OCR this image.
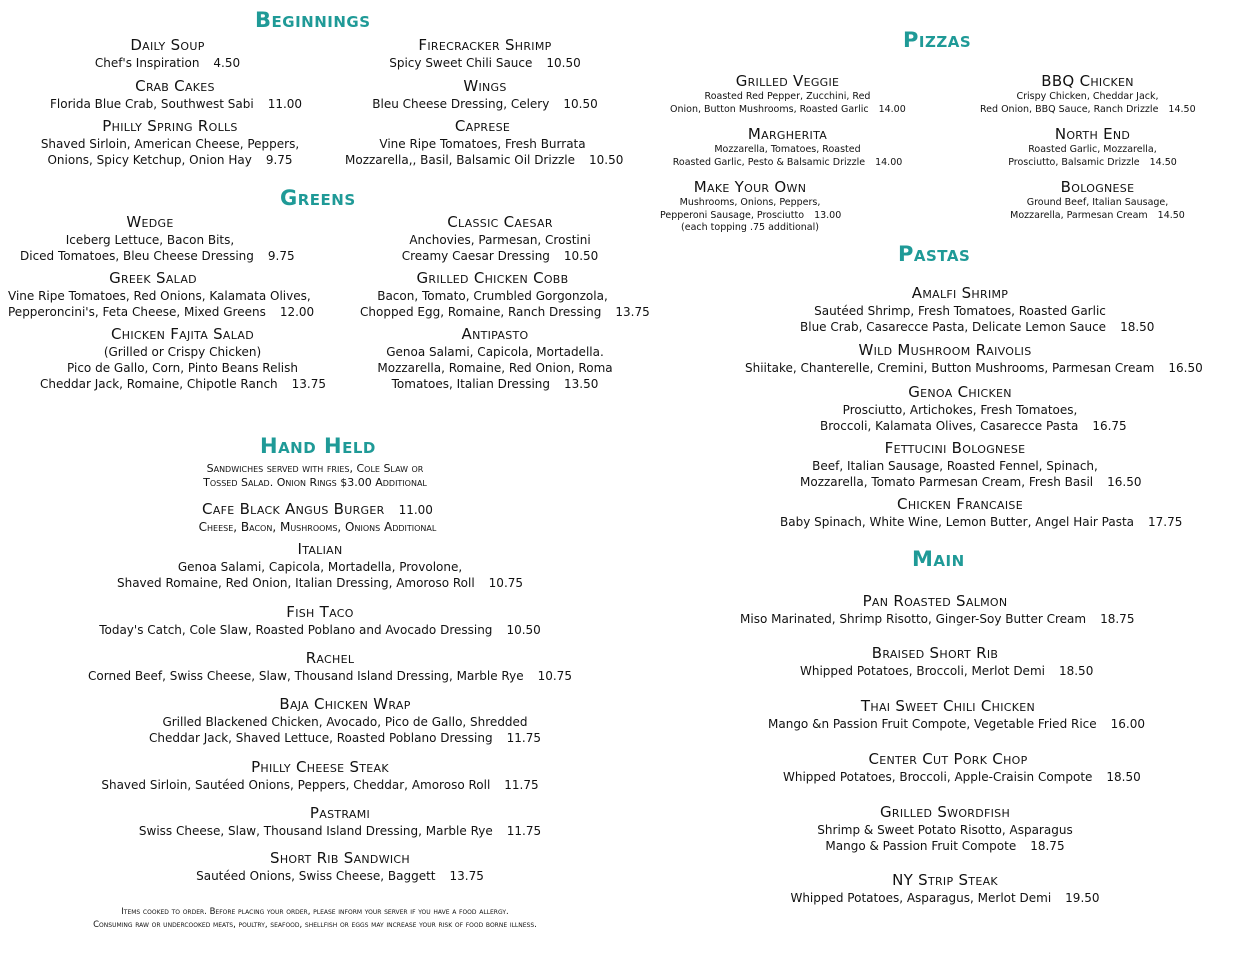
Beginnings
Daily Soup
Chef's Inspiration 4.50
Firecracker Shrimp
Spicy Sweet Chili Sauce 10.50
Crab Cakes
Florida Blue Crab, Southwest Sabi 11.00
Wings
Bleu Cheese Dressing, Celery 10.50
Philly Spring Rolls
Shaved Sirloin, American Cheese, Peppers,
Onions, Spicy Ketchup, Onion Hay 9.75
Caprese
Vine Ripe Tomatoes, Fresh Burrata
Mozzarella,, Basil, Balsamic Oil Drizzle 10.50
Greens
Wedge
Iceberg Lettuce, Bacon Bits,
Diced Tomatoes, Bleu Cheese Dressing 9.75
Classic Caesar
Anchovies, Parmesan, Crostini
Creamy Caesar Dressing 10.50
Greek Salad
Vine Ripe Tomatoes, Red Onions, Kalamata Olives,
Pepperoncini's, Feta Cheese, Mixed Greens 12.00
Grilled Chicken Cobb
Bacon, Tomato, Crumbled Gorgonzola,
Chopped Egg, Romaine, Ranch Dressing 13.75
Chicken Fajita Salad
(Grilled or Crispy Chicken)
Pico de Gallo, Corn, Pinto Beans Relish
Cheddar Jack, Romaine, Chipotle Ranch 13.75
Antipasto
Genoa Salami, Capicola, Mortadella.
Mozzarella, Romaine, Red Onion, Roma
Tomatoes, Italian Dressing 13.50
Hand Held
Sandwiches served with fries, Cole Slaw or
Tossed Salad. Onion Rings $3.00 Additional
Cafe Black Angus Burger 11.00
Cheese, Bacon, Mushrooms, Onions Additional
Italian
Genoa Salami, Capicola, Mortadella, Provolone,
Shaved Romaine, Red Onion, Italian Dressing, Amoroso Roll 10.75
Fish Taco
Today's Catch, Cole Slaw, Roasted Poblano and Avocado Dressing 10.50
Rachel
Corned Beef, Swiss Cheese, Slaw, Thousand Island Dressing, Marble Rye 10.75
Baja Chicken Wrap
Grilled Blackened Chicken, Avocado, Pico de Gallo, Shredded
Cheddar Jack, Shaved Lettuce, Roasted Poblano Dressing 11.75
Philly Cheese Steak
Shaved Sirloin, Sautéed Onions, Peppers, Cheddar, Amoroso Roll 11.75
Pastrami
Swiss Cheese, Slaw, Thousand Island Dressing, Marble Rye 11.75
Short Rib Sandwich
Sautéed Onions, Swiss Cheese, Baggett 13.75
Items cooked to order. Before placing your order, please inform your server if you have a food allergy.
Consuming raw or undercooked meats, poultry, seafood, shellfish or eggs may increase your risk of food borne illness.
Pizzas
Grilled Veggie
Roasted Red Pepper, Zucchini, Red
Onion, Button Mushrooms, Roasted Garlic 14.00
BBQ Chicken
Crispy Chicken, Cheddar Jack,
Red Onion, BBQ Sauce, Ranch Drizzle 14.50
Margherita
Mozzarella, Tomatoes, Roasted
Roasted Garlic, Pesto & Balsamic Drizzle 14.00
North End
Roasted Garlic, Mozzarella,
Prosciutto, Balsamic Drizzle 14.50
Make Your Own
Mushrooms, Onions, Peppers,
Pepperoni Sausage, Prosciutto 13.00
(each topping .75 additional)
Bolognese
Ground Beef, Italian Sausage,
Mozzarella, Parmesan Cream 14.50
Pastas
Amalfi Shrimp
Sautéed Shrimp, Fresh Tomatoes, Roasted Garlic
Blue Crab, Casarecce Pasta, Delicate Lemon Sauce 18.50
Wild Mushroom Raivolis
Shiitake, Chanterelle, Cremini, Button Mushrooms, Parmesan Cream 16.50
Genoa Chicken
Prosciutto, Artichokes, Fresh Tomatoes,
Broccoli, Kalamata Olives, Casarecce Pasta 16.75
Fettucini Bolognese
Beef, Italian Sausage, Roasted Fennel, Spinach,
Mozzarella, Tomato Parmesan Cream, Fresh Basil 16.50
Chicken Francaise
Baby Spinach, White Wine, Lemon Butter, Angel Hair Pasta 17.75
Main
Pan Roasted Salmon
Miso Marinated, Shrimp Risotto, Ginger-Soy Butter Cream 18.75
Braised Short Rib
Whipped Potatoes, Broccoli, Merlot Demi 18.50
Thai Sweet Chili Chicken
Mango &n Passion Fruit Compote, Vegetable Fried Rice 16.00
Center Cut Pork Chop
Whipped Potatoes, Broccoli, Apple-Craisin Compote 18.50
Grilled Swordfish
Shrimp & Sweet Potato Risotto, Asparagus
Mango & Passion Fruit Compote 18.75
NY Strip Steak
Whipped Potatoes, Asparagus, Merlot Demi 19.50
